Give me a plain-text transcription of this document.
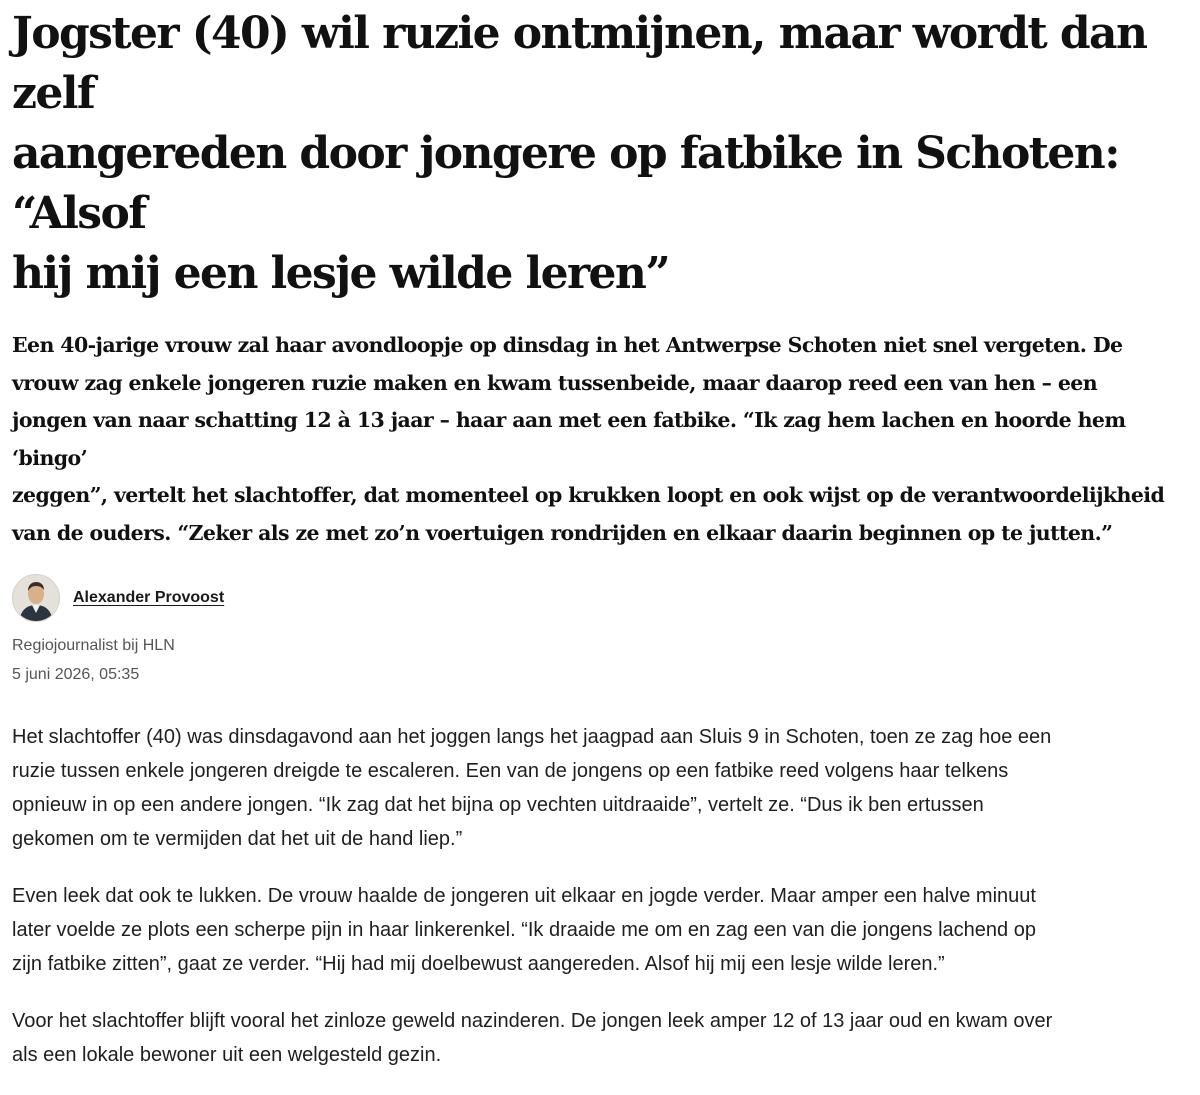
Jogster (40) wil ruzie ontmijnen, maar wordt dan zelf
aangereden door jongere op fatbike in Schoten: “Alsof
hij mij een lesje wilde leren”
Een 40-jarige vrouw zal haar avondloopje op dinsdag in het Antwerpse Schoten niet snel vergeten. De
vrouw zag enkele jongeren ruzie maken en kwam tussenbeide, maar daarop reed een van hen – een
jongen van naar schatting 12 à 13 jaar – haar aan met een fatbike. “Ik zag hem lachen en hoorde hem ‘bingo’
zeggen”, vertelt het slachtoffer, dat momenteel op krukken loopt en ook wijst op de verantwoordelijkheid
van de ouders. “Zeker als ze met zo’n voertuigen rondrijden en elkaar daarin beginnen op te jutten.”
Alexander Provoost
Regiojournalist bij HLN
5 juni 2026, 05:35

Het slachtoffer (40) was dinsdagavond aan het joggen langs het jaagpad aan Sluis 9 in Schoten, toen ze zag hoe een
ruzie tussen enkele jongeren dreigde te escaleren. Een van de jongens op een fatbike reed volgens haar telkens
opnieuw in op een andere jongen. “Ik zag dat het bijna op vechten uitdraaide”, vertelt ze. “Dus ik ben ertussen
gekomen om te vermijden dat het uit de hand liep.”

Even leek dat ook te lukken. De vrouw haalde de jongeren uit elkaar en jogde verder. Maar amper een halve minuut
later voelde ze plots een scherpe pijn in haar linkerenkel. “Ik draaide me om en zag een van die jongens lachend op
zijn fatbike zitten”, gaat ze verder. “Hij had mij doelbewust aangereden. Alsof hij mij een lesje wilde leren.”

Voor het slachtoffer blijft vooral het zinloze geweld nazinderen. De jongen leek amper 12 of 13 jaar oud en kwam over
als een lokale bewoner uit een welgesteld gezin.
